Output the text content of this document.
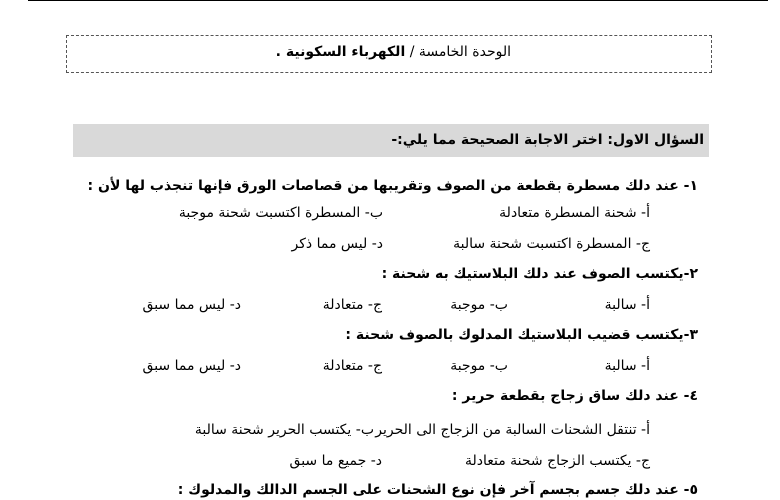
الوحدة الخامسة / الكهرباء السكونية .
السؤال الاول: اختر الاجابة الصحيحة مما يلي:-
١- عند دلك مسطرة بقطعة من الصوف وتقريبها من قصاصات الورق فإنها تنجذب لها لأن :
أ- شحنة المسطرة متعادلة
ب- المسطرة اكتسبت شحنة موجبة
ج- المسطرة اكتسبت شحنة سالبة
د- ليس مما ذكر
٢-يكتسب الصوف عند دلك البلاستيك به شحنة :
أ- سالبة
ب- موجبة
ج- متعادلة
د- ليس مما سبق
٣-يكتسب قضيب البلاستيك المدلوك بالصوف شحنة :
أ- سالبة
ب- موجبة
ج- متعادلة
د- ليس مما سبق
٤- عند دلك ساق زجاج بقطعة حرير :
أ- تنتقل الشحنات السالبة من الزجاج الى الحرير
ب- يكتسب الحرير شحنة سالبة
ج- يكتسب الزجاج شحنة متعادلة
د- جميع ما سبق
٥- عند دلك جسم بجسم آخر فإن نوع الشحنات على الجسم الدالك والمدلوك :
